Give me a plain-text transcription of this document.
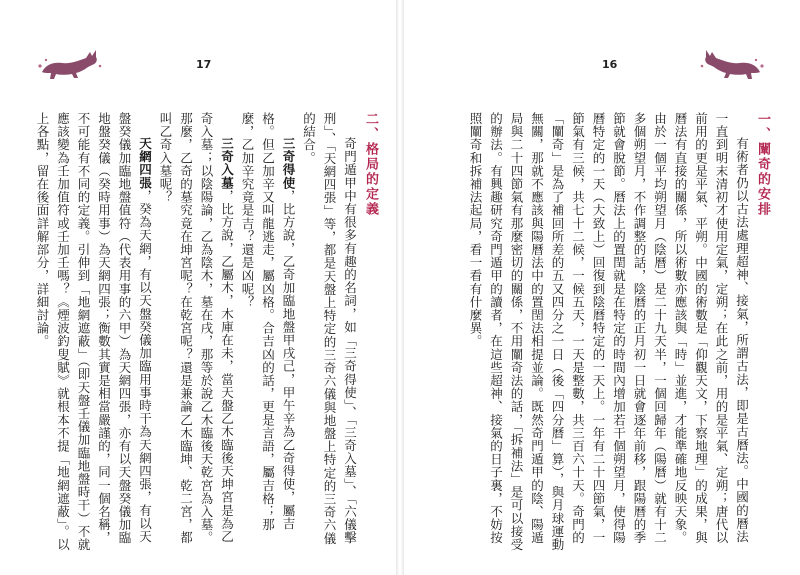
17

二、格局的定義

奇門遁甲中有很多有趣的名詞，如「三奇得使」、「三奇入墓」、「六儀擊刑」、「天網四張」等，都是天盤上特定的三奇六儀與地盤上特定的三奇六儀的結合。

三奇得使，比方說，乙奇加臨地盤甲戌己，甲午辛為乙奇得使，屬吉格。但乙加辛又叫龍逃走，屬凶格。合吉凶的話，更是言語，屬吉格；那麼，乙加辛究竟是吉？還是凶呢？

三奇入墓，比方說，乙屬木，木庫在未，當天盤乙木臨後天坤宮是為乙奇入墓；以陰陽論，乙為陰木，墓在戌，那等於說乙木臨後天乾宮為入墓。那麼，乙奇的墓究竟在坤宮呢？在乾宮呢？還是兼論乙木臨坤、乾二宮，都叫乙奇入墓呢？

天網四張，癸為天網，有以天盤癸儀加臨用事時干為天網四張，有以天盤癸儀加臨地盤值符（代表用事的六甲）為天網四張，亦有以天盤癸儀加臨地盤癸儀（癸時用事）為天網四張；衡數其實是相當嚴謹的，同一個名稱，不可能有不同的定義。引伸到「地網遮蔽」（即天盤壬儀加臨地盤時干）不就應該變為壬加值符或壬加壬嗎？《煙波釣叟賦》就根本不提「地網遮蔽」。以上各點，留在後面詳解部分，詳細討論。

16

一、闡奇的安排

有術者仍以古法處理超神、接氣，所謂古法，即是古曆法。中國的曆法一直到明末清初才使用定氣，定朔；在此之前，用的是平氣、定朔；唐代以前用的更是平氣、平朔。中國的術數是「仰觀天文，下察地理」的成果，與曆法有直接的關係，所以術數亦應該與「時」並進，才能準確地反映天象。由於一個平均朔望月（陰曆）是二十九天半，一個回歸年（陽曆）就有十二多個朔望月，不作調整的話，陰曆的正月初一日就會逐年前移，跟陽曆的季節就會脫節。曆法上的置閏就是在特定的時間內增加若干個朔望月，使得陽曆特定的一天（大致上）回復到陰曆特定的一天上。一年有二十四節氣，一節氣有三候，共七十二候，一候五天，一天是整數，共三百六十天。奇門的「闡奇」是為了補回所差的五又四分之一日（後「四分曆」算），與月球運動無關，那就不應該與陽曆法中的置閏法相提並論。既然奇門遁甲的陰、陽遁局與二十四節氣有那麼密切的關係，不用闡奇法的話，「拆補法」是可以接受的辦法。有興趣研究奇門遁甲的讀者，在這些超神、接氣的日子裏，不妨按照闡奇和拆補法起局，看一看有什麼異。
